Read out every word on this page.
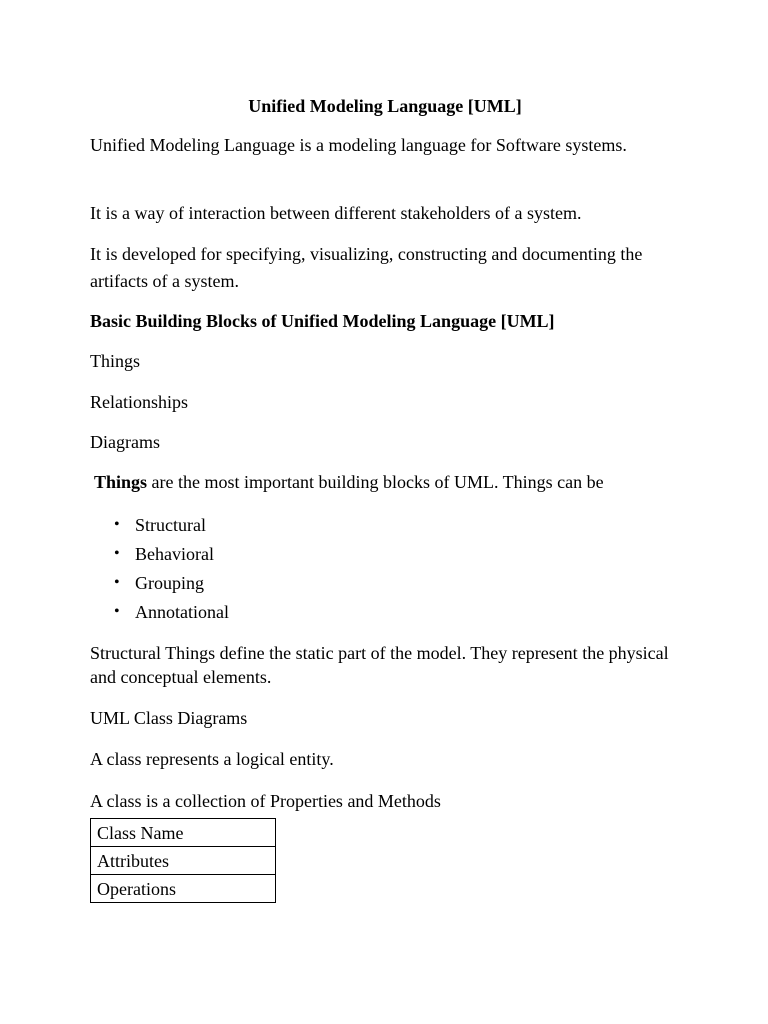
Unified Modeling Language [UML]

Unified Modeling Language is a modeling language for Software systems.

It is a way of interaction between different stakeholders of a system.

It is developed for specifying, visualizing, constructing and documenting the artifacts of a system.

Basic Building Blocks of Unified Modeling Language [UML]

Things

Relationships

Diagrams

Things are the most important building blocks of UML. Things can be

• Structural
• Behavioral
• Grouping
• Annotational

Structural Things define the static part of the model. They represent the physical and conceptual elements.

UML Class Diagrams

A class represents a logical entity.

A class is a collection of Properties and Methods

Class Name
Attributes
Operations
